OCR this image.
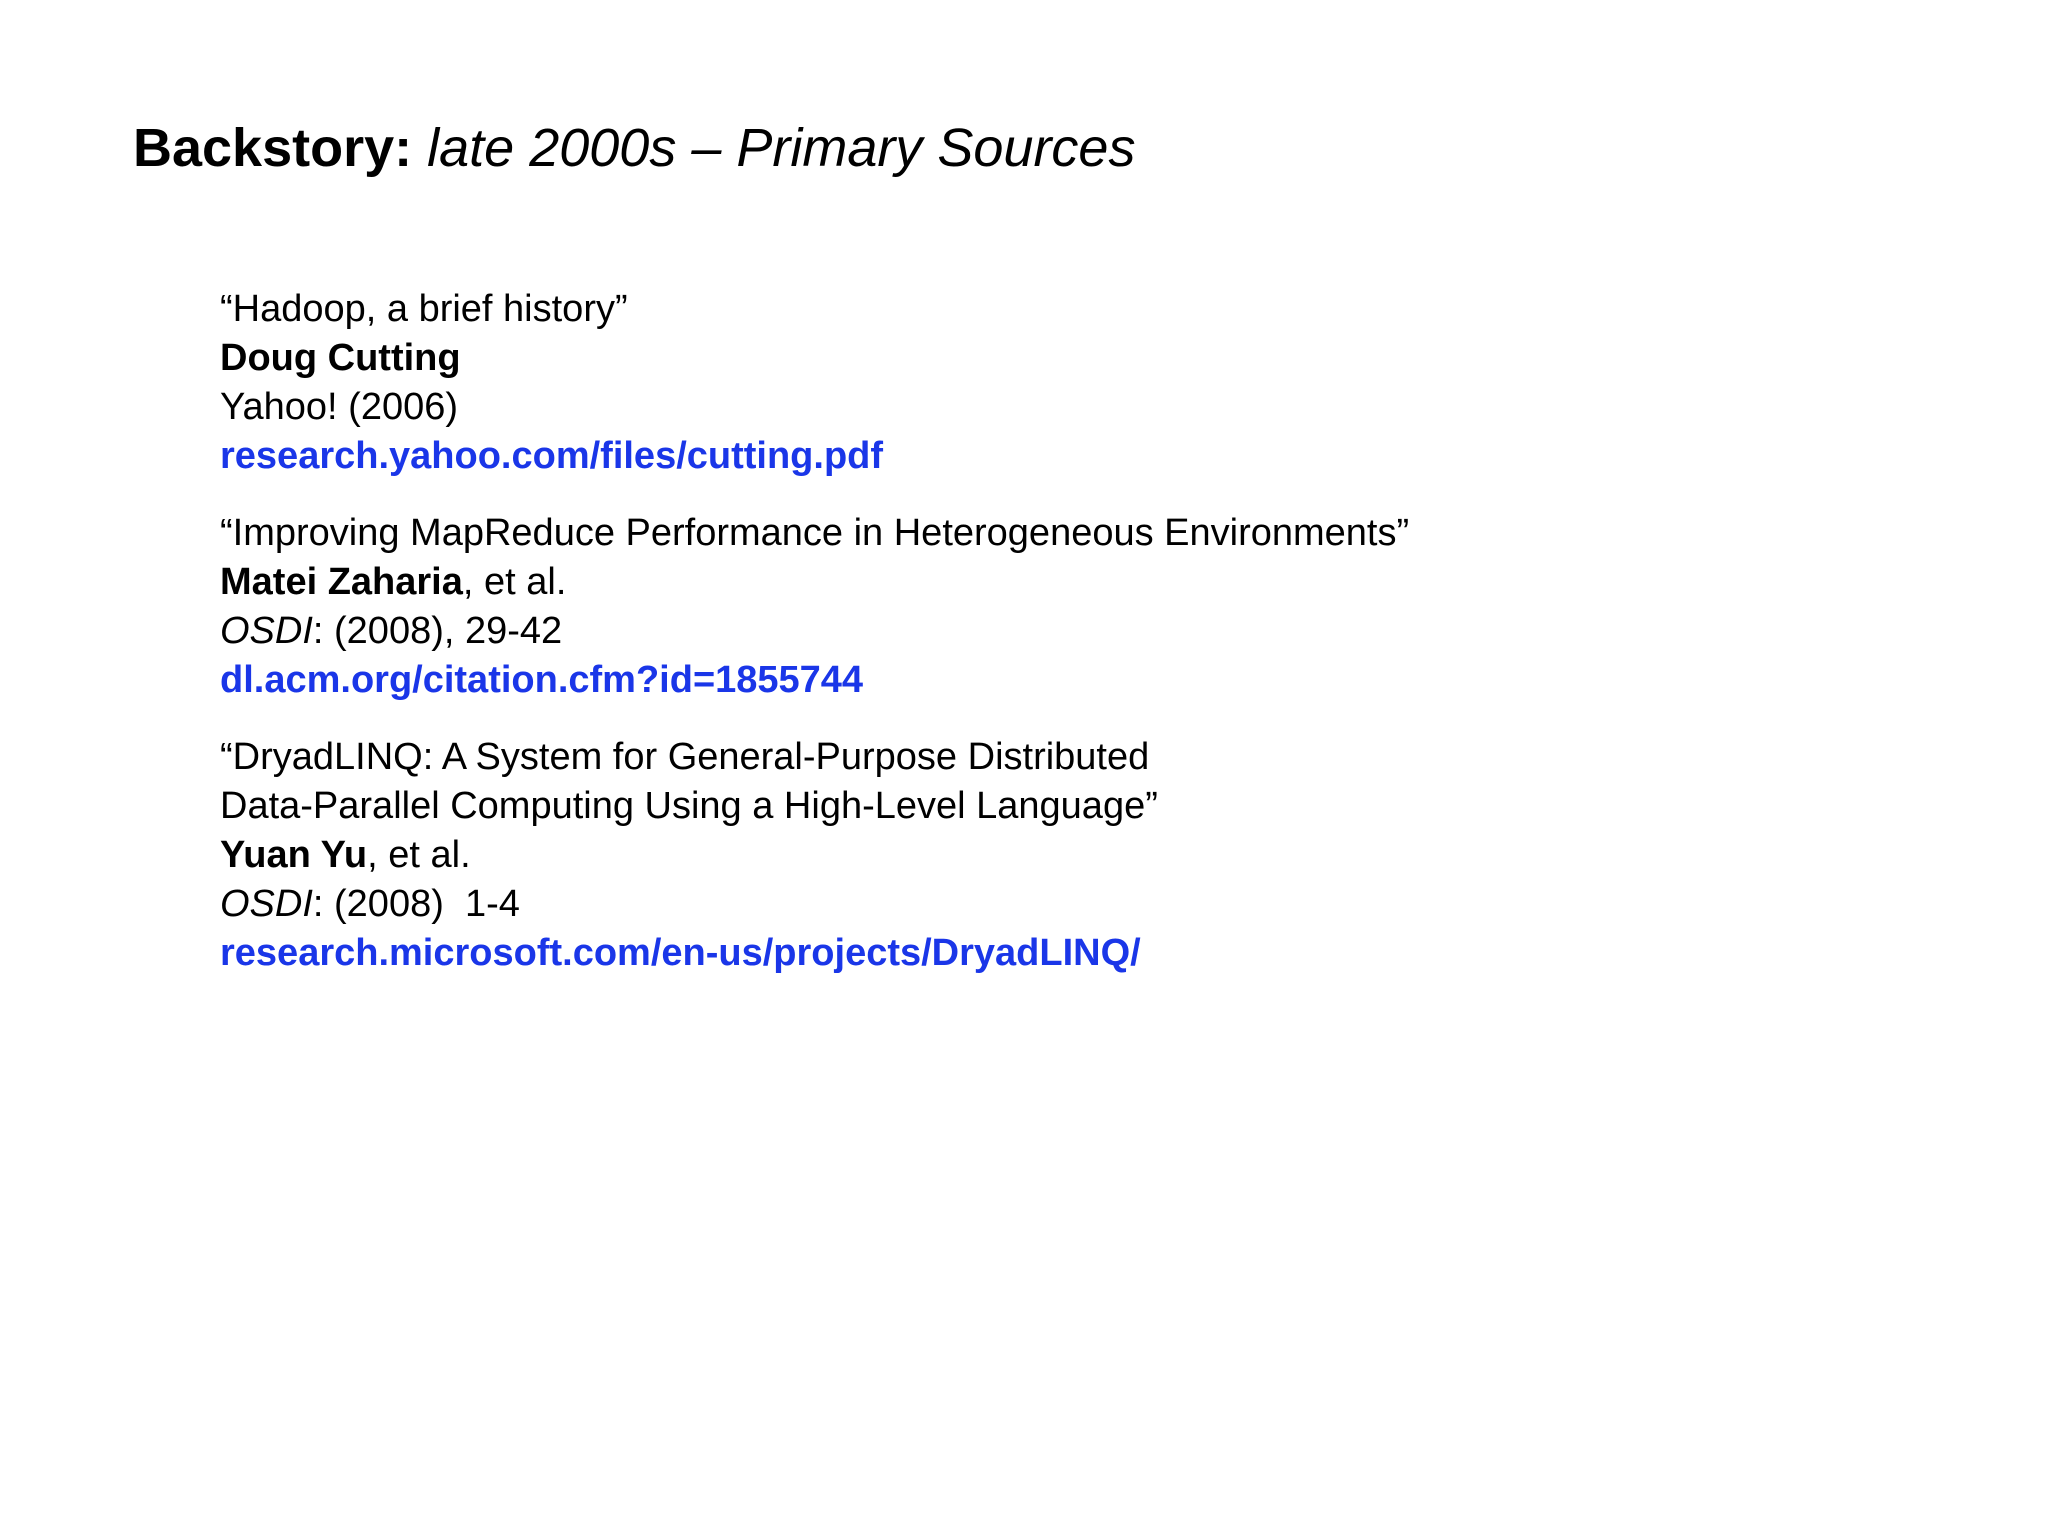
Backstory: late 2000s – Primary Sources
“Hadoop, a brief history”
Doug Cutting
Yahoo! (2006)
research.yahoo.com/files/cutting.pdf
“Improving MapReduce Performance in Heterogeneous Environments”
Matei Zaharia, et al.
OSDI: (2008), 29-42
dl.acm.org/citation.cfm?id=1855744
“DryadLINQ: A System for General-Purpose Distributed
Data-Parallel Computing Using a High-Level Language”
Yuan Yu, et al.
OSDI: (2008)  1-4
research.microsoft.com/en-us/projects/DryadLINQ/
